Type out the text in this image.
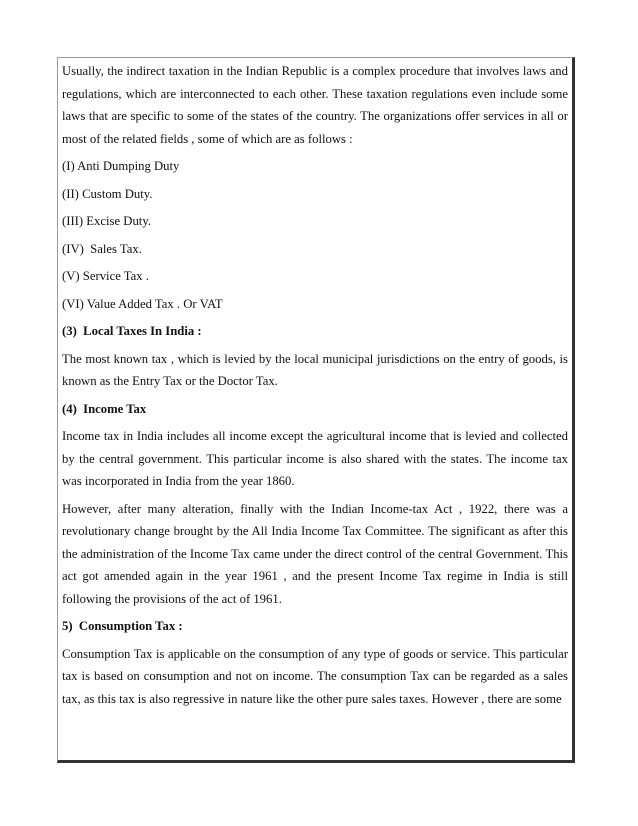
Usually, the indirect taxation in the Indian Republic is a complex procedure that involves laws and regulations, which are interconnected to each other. These taxation regulations even include some laws that are specific to some of the states of the country. The organizations offer services in all or most of the related fields , some of which are as follows :

(I) Anti Dumping Duty

(II) Custom Duty.

(III) Excise Duty.

(IV)  Sales Tax.

(V) Service Tax .

(VI) Value Added Tax . Or VAT

(3)  Local Taxes In India :

The most known tax , which is levied by the local municipal jurisdictions on the entry of goods, is known as the Entry Tax or the Doctor Tax.

(4)  Income Tax

Income tax in India includes all income except the agricultural income that is levied and collected by the central government. This particular income is also shared with the states. The income tax was incorporated in India from the year 1860.

However, after many alteration, finally with the Indian Income-tax Act , 1922, there was a revolutionary change brought by the All India Income Tax Committee. The significant as after this the administration of the Income Tax came under the direct control of the central Government. This act got amended again in the year 1961 , and the present Income Tax regime in India is still following the provisions of the act of 1961.

5)  Consumption Tax :

Consumption Tax is applicable on the consumption of any type of goods or service. This particular tax is based on consumption and not on income. The consumption Tax can be regarded as a sales tax, as this tax is also regressive in nature like the other pure sales taxes. However , there are some
